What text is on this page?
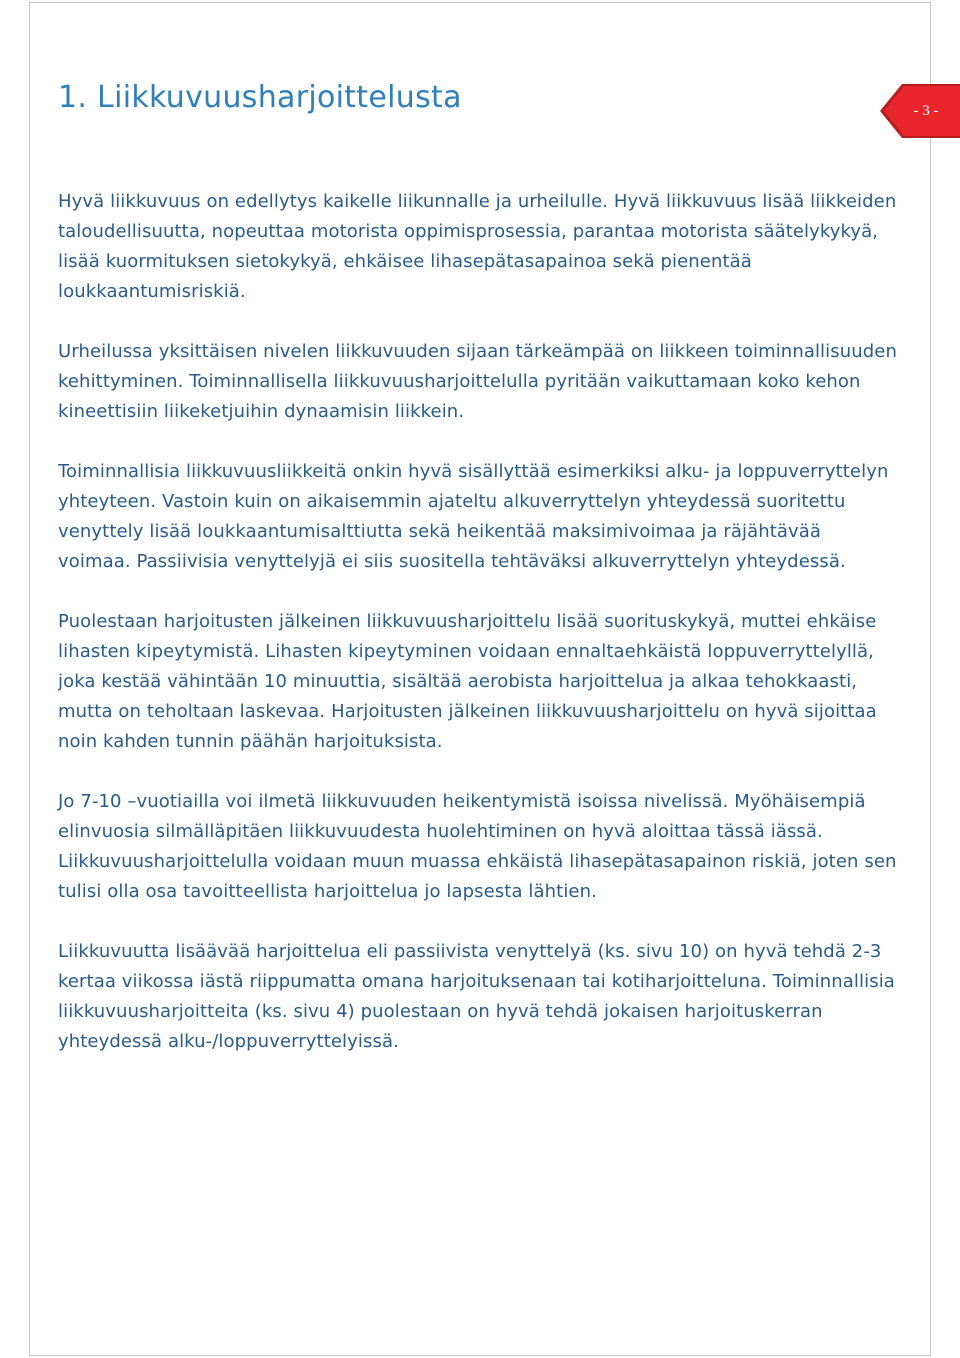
1. Liikkuvuusharjoittelusta	- 3 -

Hyvä liikkuvuus on edellytys kaikelle liikunnalle ja urheilulle. Hyvä liikkuvuus lisää liikkeiden taloudellisuutta, nopeuttaa motorista oppimisprosessia, parantaa motorista säätelykykyä, lisää kuormituksen sietokykyä, ehkäisee lihasepätasapainoa sekä pienentää loukkaantumisriskiä.

Urheilussa yksittäisen nivelen liikkuvuuden sijaan tärkeämpää on liikkeen toiminnallisuuden kehittyminen. Toiminnallisella liikkuvuusharjoittelulla pyritään vaikuttamaan koko kehon kineettisiin liikeketjuihin dynaamisin liikkein.

Toiminnallisia liikkuvuusliikkeitä onkin hyvä sisällyttää esimerkiksi alku- ja loppuverryttelyn yhteyteen. Vastoin kuin on aikaisemmin ajateltu alkuverryttelyn yhteydessä suoritettu venyttely lisää loukkaantumisalttiutta sekä heikentää maksimivoimaa ja räjähtävää voimaa. Passiivisia venyttelyjä ei siis suositella tehtäväksi alkuverryttelyn yhteydessä.

Puolestaan harjoitusten jälkeinen liikkuvuusharjoittelu lisää suorituskykyä, muttei ehkäise lihasten kipeytymistä. Lihasten kipeytyminen voidaan ennaltaehkäistä loppuverryttelyllä, joka kestää vähintään 10 minuuttia, sisältää aerobista harjoittelua ja alkaa tehokkaasti, mutta on teholtaan laskevaa. Harjoitusten jälkeinen liikkuvuusharjoittelu on hyvä sijoittaa noin kahden tunnin päähän harjoituksista.

Jo 7-10 –vuotiailla voi ilmetä liikkuvuuden heikentymistä isoissa nivelissä. Myöhäisempiä elinvuosia silmälläpitäen liikkuvuudesta huolehtiminen on hyvä aloittaa tässä iässä. Liikkuvuusharjoittelulla voidaan muun muassa ehkäistä lihasepätasapainon riskiä, joten sen tulisi olla osa tavoitteellista harjoittelua jo lapsesta lähtien.

Liikkuvuutta lisäävää harjoittelua eli passiivista venyttelyä (ks. sivu 10) on hyvä tehdä 2-3 kertaa viikossa iästä riippumatta omana harjoituksenaan tai kotiharjoitteluna. Toiminnallisia liikkuvuusharjoitteita (ks. sivu 4) puolestaan on hyvä tehdä jokaisen harjoituskerran yhteydessä alku-/loppuverryttelyissä.
